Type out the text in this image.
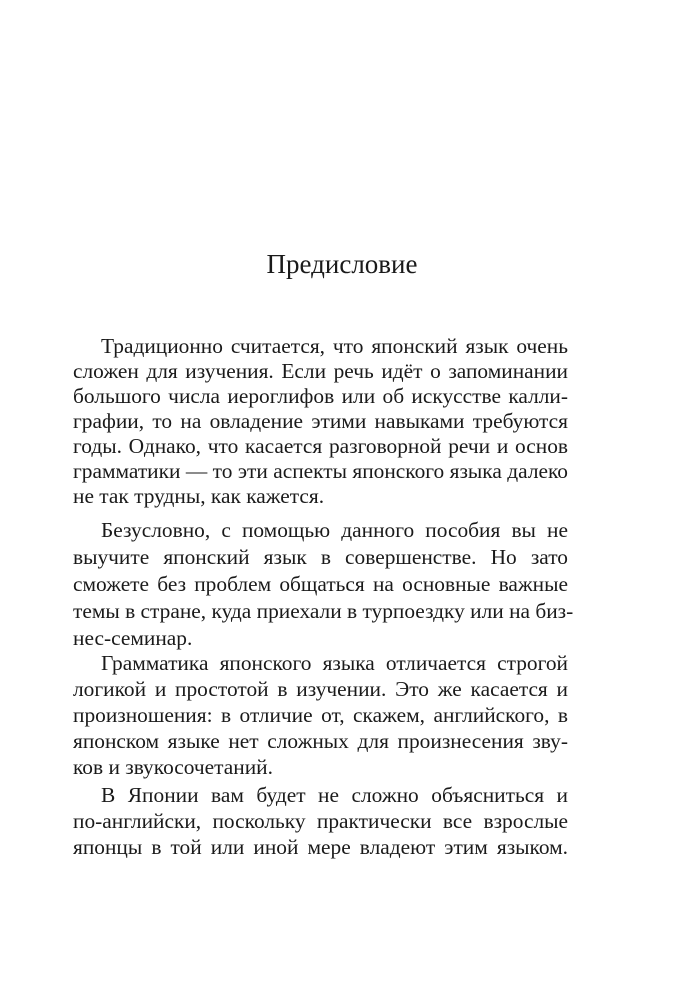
Предисловие
Традиционно считается, что японский язык очень
сложен для изучения. Если речь идёт о запоминании
большого числа иероглифов или об искусстве калли-
графии, то на овладение этими навыками требуются
годы. Однако, что касается разговорной речи и основ
грамматики — то эти аспекты японского языка далеко
не так трудны, как кажется.
Безусловно, с помощью данного пособия вы не
выучите японский язык в совершенстве. Но зато
сможете без проблем общаться на основные важные
темы в стране, куда приехали в турпоездку или на биз-
нес-семинар.
Грамматика японского языка отличается строгой
логикой и простотой в изучении. Это же касается и
произношения: в отличие от, скажем, английского, в
японском языке нет сложных для произнесения зву-
ков и звукосочетаний.
В Японии вам будет не сложно объясниться и
по-английски, поскольку практически все взрослые
японцы в той или иной мере владеют этим языком.
